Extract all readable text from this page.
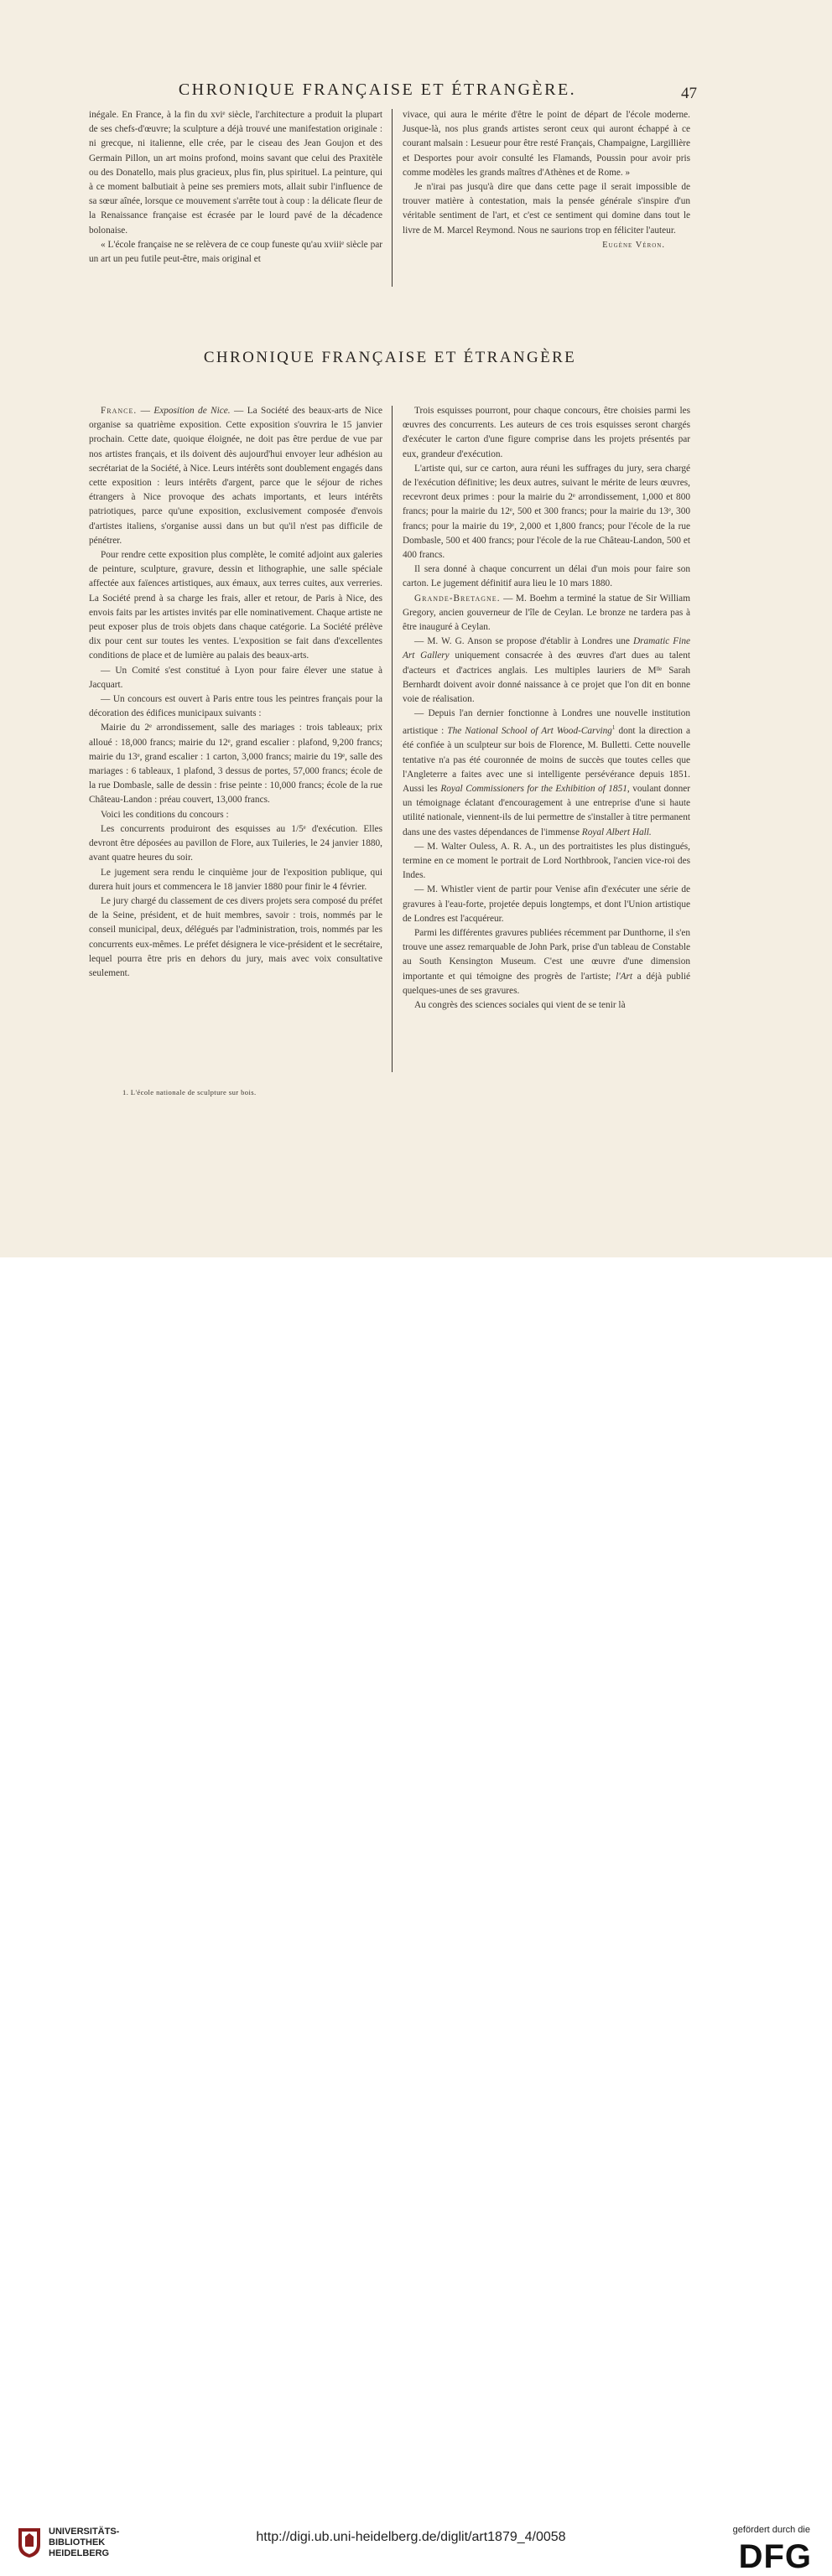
CHRONIQUE FRANÇAISE ET ÉTRANGÈRE.	47

inégale. En France, à la fin du xviᵉ siècle, l'architecture a produit la plupart de ses chefs-d'œuvre; la sculpture a déjà trouvé une manifestation originale : ni grecque, ni italienne, elle crée, par le ciseau des Jean Goujon et des Germain Pillon, un art moins profond, moins savant que celui des Praxitèle ou des Donatello, mais plus gracieux, plus fin, plus spirituel. La peinture, qui à ce moment balbutiait à peine ses premiers mots, allait subir l'influence de sa sœur aînée, lorsque ce mouvement s'arrête tout à coup : la délicate fleur de la Renaissance française est écrasée par le lourd pavé de la décadence bolonaise.

« L'école française ne se relèvera de ce coup funeste qu'au xviiiᵉ siècle par un art un peu futile peut-être, mais original et

vivace, qui aura le mérite d'être le point de départ de l'école moderne. Jusque-là, nos plus grands artistes seront ceux qui auront échappé à ce courant malsain : Lesueur pour être resté Français, Champaigne, Largillière et Desportes pour avoir consulté les Flamands, Poussin pour avoir pris comme modèles les grands maîtres d'Athènes et de Rome. »

Je n'irai pas jusqu'à dire que dans cette page il serait impossible de trouver matière à contestation, mais la pensée générale s'inspire d'un véritable sentiment de l'art, et c'est ce sentiment qui domine dans tout le livre de M. Marcel Reymond. Nous ne saurions trop en féliciter l'auteur.

Eugène Véron.
CHRONIQUE FRANÇAISE ET ÉTRANGÈRE

France. — Exposition de Nice. — La Société des beaux-arts de Nice organise sa quatrième exposition. Cette exposition s'ouvrira le 15 janvier prochain. Cette date, quoique éloignée, ne doit pas être perdue de vue par nos artistes français, et ils doivent dès aujourd'hui envoyer leur adhésion au secrétariat de la Société, à Nice. Leurs intérêts sont doublement engagés dans cette exposition : leurs intérêts d'argent, parce que le séjour de riches étrangers à Nice provoque des achats importants, et leurs intérêts patriotiques, parce qu'une exposition, exclusivement composée d'envois d'artistes italiens, s'organise aussi dans un but qu'il n'est pas difficile de pénétrer.

Pour rendre cette exposition plus complète, le comité adjoint aux galeries de peinture, sculpture, gravure, dessin et lithographie, une salle spéciale affectée aux faïences artistiques, aux émaux, aux terres cuites, aux verreries. La Société prend à sa charge les frais, aller et retour, de Paris à Nice, des envois faits par les artistes invités par elle nominativement. Chaque artiste ne peut exposer plus de trois objets dans chaque catégorie. La Société prélève dix pour cent sur toutes les ventes. L'exposition se fait dans d'excellentes conditions de place et de lumière au palais des beaux-arts.

— Un Comité s'est constitué à Lyon pour faire élever une statue à Jacquart.

— Un concours est ouvert à Paris entre tous les peintres français pour la décoration des édifices municipaux suivants :

Mairie du 2ᵉ arrondissement, salle des mariages : trois tableaux; prix alloué : 18,000 francs; mairie du 12ᵉ, grand escalier : plafond, 9,200 francs; mairie du 13ᵉ, grand escalier : 1 carton, 3,000 francs; mairie du 19ᵉ, salle des mariages : 6 tableaux, 1 plafond, 3 dessus de portes, 57,000 francs; école de la rue Dombasle, salle de dessin : frise peinte : 10,000 francs; école de la rue Château-Landon : préau couvert, 13,000 francs.

Voici les conditions du concours :

Les concurrents produiront des esquisses au 1/5ᵉ d'exécution. Elles devront être déposées au pavillon de Flore, aux Tuileries, le 24 janvier 1880, avant quatre heures du soir.

Le jugement sera rendu le cinquième jour de l'exposition publique, qui durera huit jours et commencera le 18 janvier 1880 pour finir le 4 février.

Le jury chargé du classement de ces divers projets sera composé du préfet de la Seine, président, et de huit membres, savoir : trois, nommés par le conseil municipal, deux, délégués par l'administration, trois, nommés par les concurrents eux-mêmes. Le préfet désignera le vice-président et le secrétaire, lequel pourra être pris en dehors du jury, mais avec voix consultative seulement.

Trois esquisses pourront, pour chaque concours, être choisies parmi les œuvres des concurrents. Les auteurs de ces trois esquisses seront chargés d'exécuter le carton d'une figure comprise dans les projets présentés par eux, grandeur d'exécution.

L'artiste qui, sur ce carton, aura réuni les suffrages du jury, sera chargé de l'exécution définitive; les deux autres, suivant le mérite de leurs œuvres, recevront deux primes : pour la mairie du 2ᵉ arrondissement, 1,000 et 800 francs; pour la mairie du 12ᵉ, 500 et 300 francs; pour la mairie du 13ᵉ, 300 francs; pour la mairie du 19ᵉ, 2,000 et 1,800 francs; pour l'école de la rue Dombasle, 500 et 400 francs; pour l'école de la rue Château-Landon, 500 et 400 francs.

Il sera donné à chaque concurrent un délai d'un mois pour faire son carton. Le jugement définitif aura lieu le 10 mars 1880.

Grande-Bretagne. — M. Boehm a terminé la statue de Sir William Gregory, ancien gouverneur de l'île de Ceylan. Le bronze ne tardera pas à être inauguré à Ceylan.

— M. W. G. Anson se propose d'établir à Londres une Dramatic Fine Art Gallery uniquement consacrée à des œuvres d'art dues au talent d'acteurs et d'actrices anglais. Les multiples lauriers de Mˡˡᵉ Sarah Bernhardt doivent avoir donné naissance à ce projet que l'on dit en bonne voie de réalisation.

— Depuis l'an dernier fonctionne à Londres une nouvelle institution artistique : The National School of Art Wood-Carving$^1$ dont la direction a été confiée à un sculpteur sur bois de Florence, M. Bulletti. Cette nouvelle tentative n'a pas été couronnée de moins de succès que toutes celles que l'Angleterre a faites avec une si intelligente persévérance depuis 1851. Aussi les Royal Commissioners for the Exhibition of 1851, voulant donner un témoignage éclatant d'encouragement à une entreprise d'une si haute utilité nationale, viennent-ils de lui permettre de s'installer à titre permanent dans une des vastes dépendances de l'immense Royal Albert Hall.

— M. Walter Ouless, A. R. A., un des portraitistes les plus distingués, termine en ce moment le portrait de Lord Northbrook, l'ancien vice-roi des Indes.

— M. Whistler vient de partir pour Venise afin d'exécuter une série de gravures à l'eau-forte, projetée depuis longtemps, et dont l'Union artistique de Londres est l'acquéreur.

Parmi les différentes gravures publiées récemment par Dunthorne, il s'en trouve une assez remarquable de John Park, prise d'un tableau de Constable au South Kensington Museum. C'est une œuvre d'une dimension importante et qui témoigne des progrès de l'artiste; l'Art a déjà publié quelques-unes de ses gravures.

Au congrès des sciences sociales qui vient de se tenir là

1. L'école nationale de sculpture sur bois.
UNIVERSITÄTS-
BIBLIOTHEK
HEIDELBERG
http://digi.ub.uni-heidelberg.de/diglit/art1879_4/0058	gefördert durch die
DFG
